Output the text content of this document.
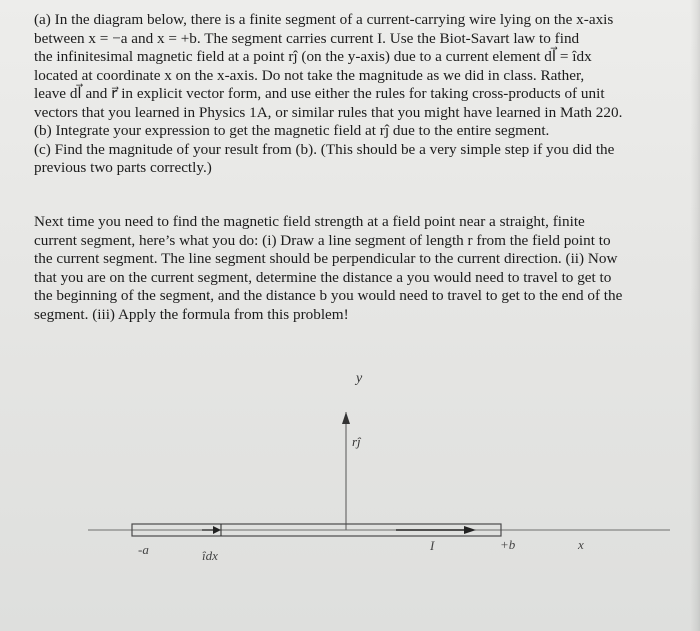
(a) In the diagram below, there is a finite segment of a current-carrying wire lying on the x-axis

between x = −a and x = +b. The segment carries current I. Use the Biot-Savart law to find

the infinitesimal magnetic field at a point rĵ (on the y-axis) due to a current element dl⃗ = îdx

located at coordinate x on the x-axis. Do not take the magnitude as we did in class. Rather,

leave dl⃗ and r⃗ in explicit vector form, and use either the rules for taking cross-products of unit

vectors that you learned in Physics 1A, or similar rules that you might have learned in Math 220.

(b) Integrate your expression to get the magnetic field at rĵ due to the entire segment.

(c) Find the magnitude of your result from (b). (This should be a very simple step if you did the

previous two parts correctly.)

Next time you need to find the magnetic field strength at a field point near a straight, finite

current segment, here’s what you do: (i) Draw a line segment of length r from the field point to

the current segment. The line segment should be perpendicular to the current direction. (ii) Now

that you are on the current segment, determine the distance a you would need to travel to get to

the beginning of the segment, and the distance b you would need to travel to get to the end of the

segment. (iii) Apply the formula from this problem!

y
rĵ
-a	îdx
I	+b	x
